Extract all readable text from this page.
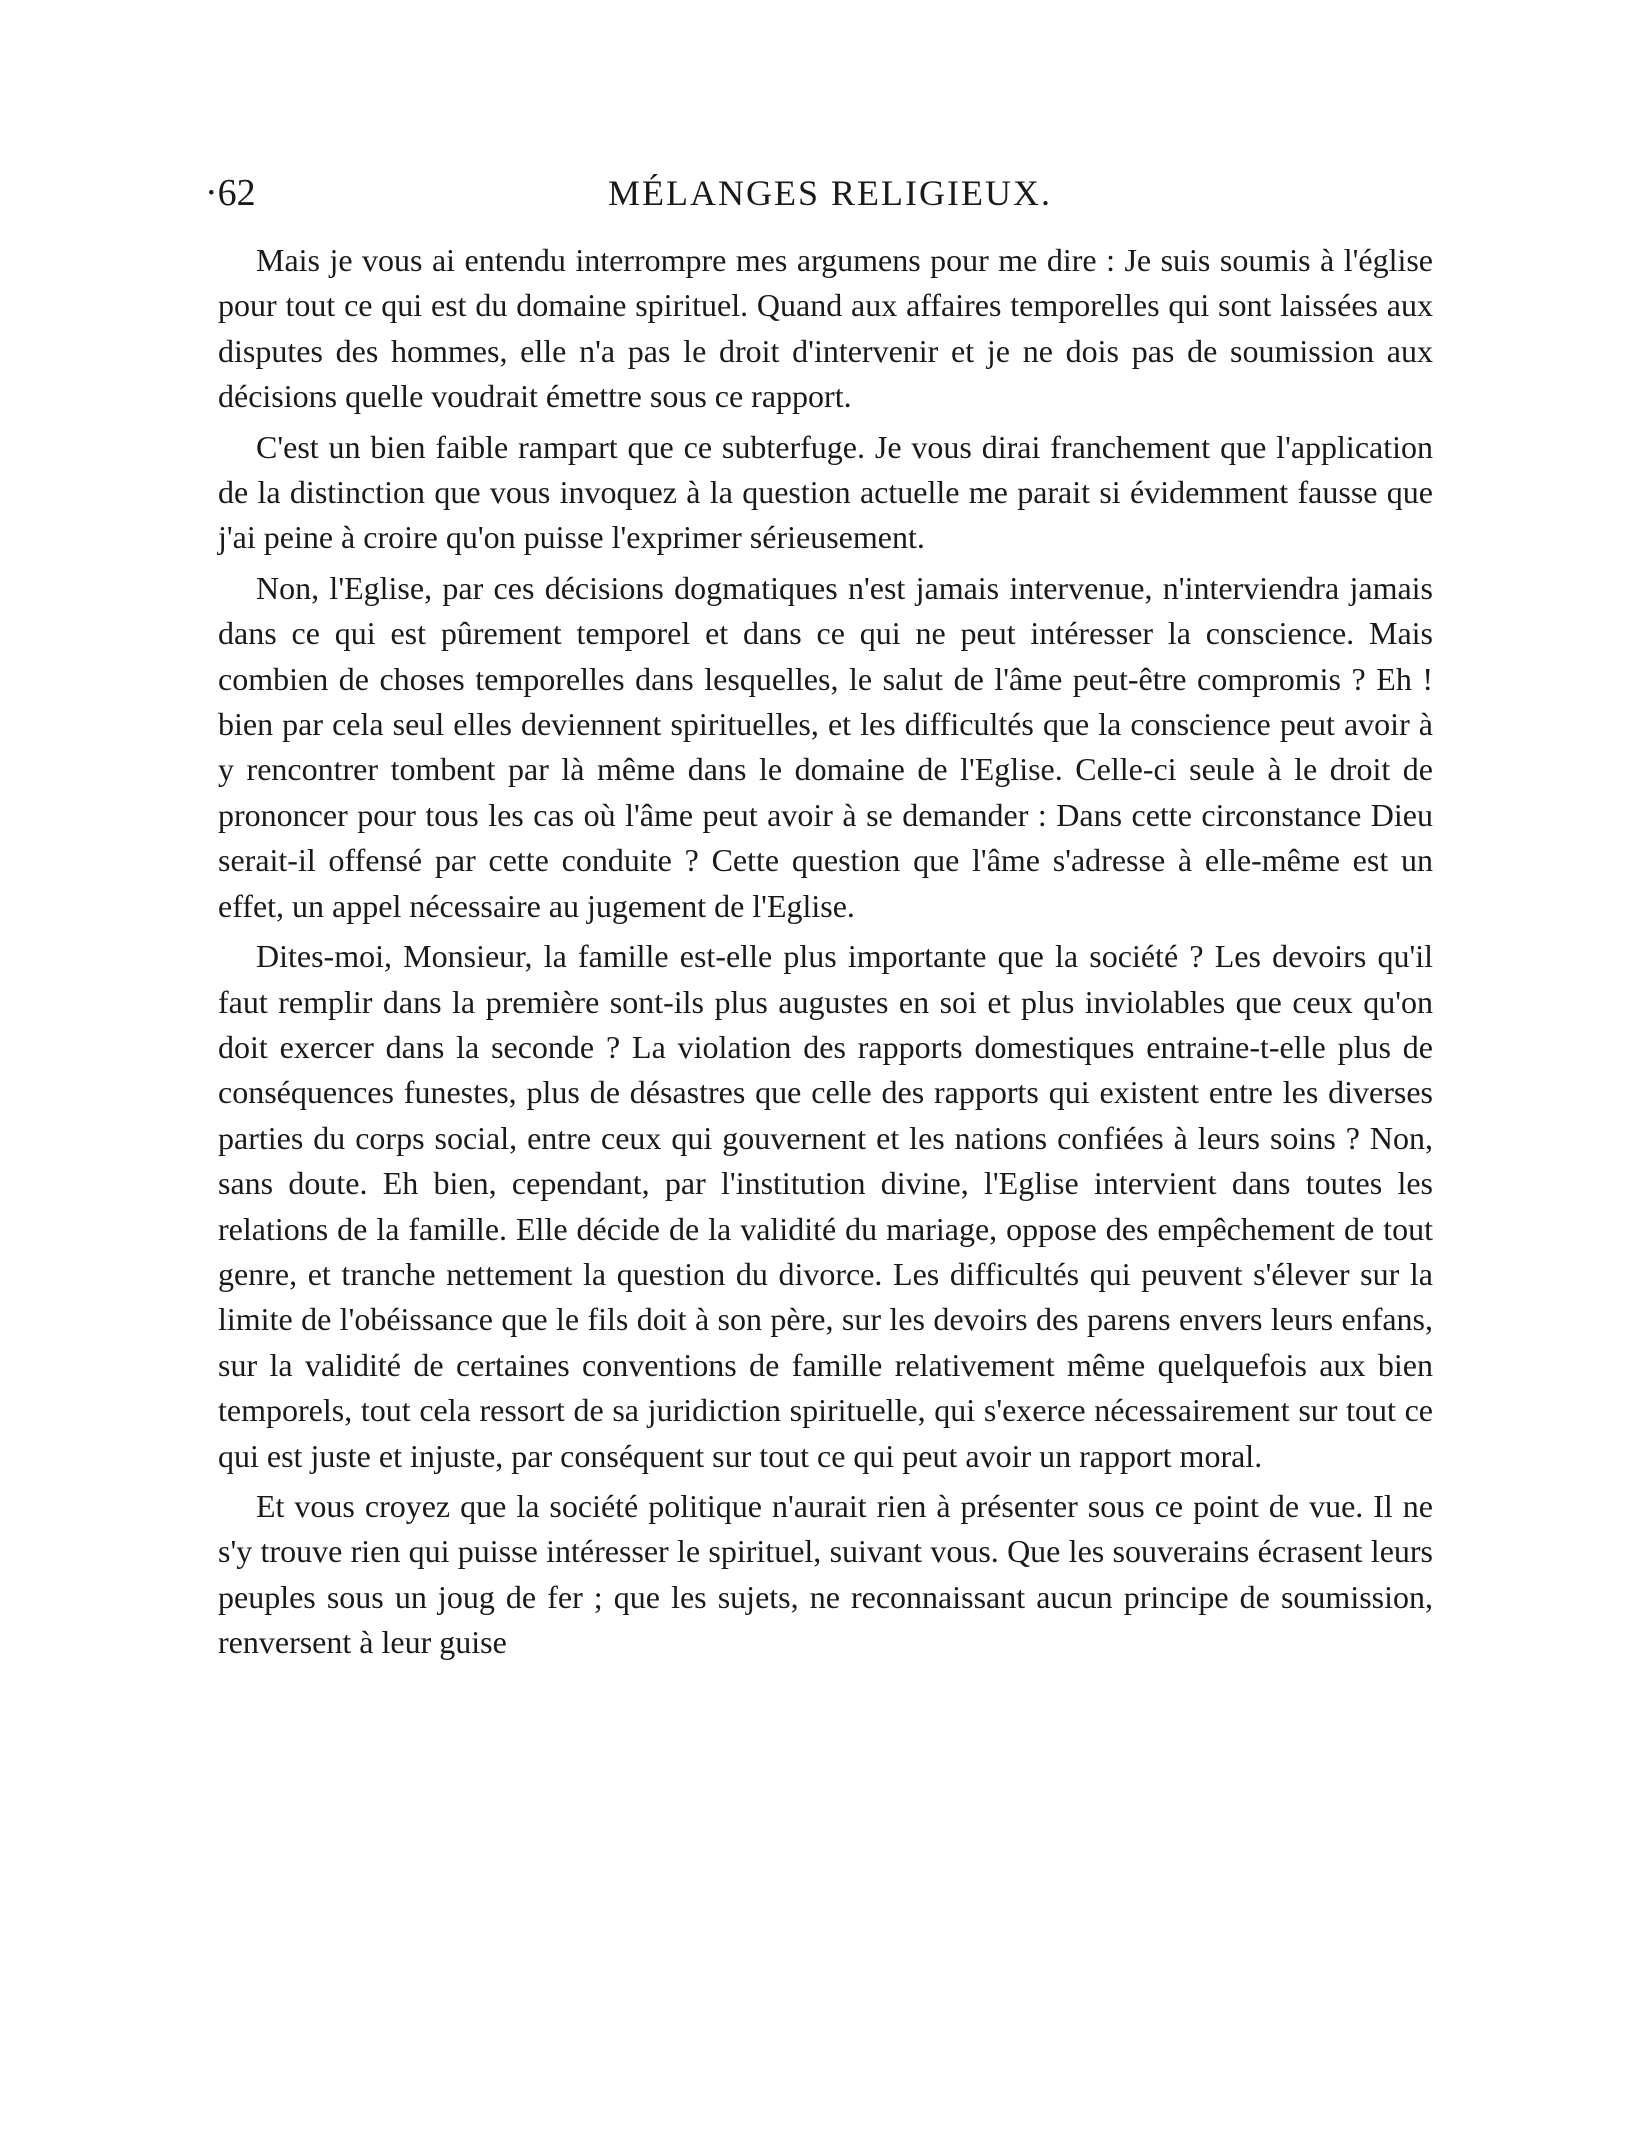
·62	MÉLANGES RELIGIEUX.

Mais je vous ai entendu interrompre mes argumens pour me dire : Je suis soumis à l'église pour tout ce qui est du domaine spirituel. Quand aux affaires temporelles qui sont laissées aux disputes des hommes, elle n'a pas le droit d'intervenir et je ne dois pas de soumission aux décisions quelle voudrait émettre sous ce rapport.

C'est un bien faible rampart que ce subterfuge. Je vous dirai franchement que l'application de la distinction que vous invoquez à la question actuelle me parait si évidemment fausse que j'ai peine à croire qu'on puisse l'exprimer sérieusement.

Non, l'Eglise, par ces décisions dogmatiques n'est jamais intervenue, n'interviendra jamais dans ce qui est pûrement temporel et dans ce qui ne peut intéresser la conscience. Mais combien de choses temporelles dans lesquelles, le salut de l'âme peut-être compromis ? Eh ! bien par cela seul elles deviennent spirituelles, et les difficultés que la conscience peut avoir à y rencontrer tombent par là même dans le domaine de l'Eglise. Celle-ci seule à le droit de prononcer pour tous les cas où l'âme peut avoir à se demander : Dans cette circonstance Dieu serait-il offensé par cette conduite ? Cette question que l'âme s'adresse à elle-même est un effet, un appel nécessaire au jugement de l'Eglise.

Dites-moi, Monsieur, la famille est-elle plus importante que la société ? Les devoirs qu'il faut remplir dans la première sont-ils plus augustes en soi et plus inviolables que ceux qu'on doit exercer dans la seconde ? La violation des rapports domestiques entraine-t-elle plus de conséquences funestes, plus de désastres que celle des rapports qui existent entre les diverses parties du corps social, entre ceux qui gouvernent et les nations confiées à leurs soins ? Non, sans doute. Eh bien, cependant, par l'institution divine, l'Eglise intervient dans toutes les relations de la famille. Elle décide de la validité du mariage, oppose des empêchement de tout genre, et tranche nettement la question du divorce. Les difficultés qui peuvent s'élever sur la limite de l'obéissance que le fils doit à son père, sur les devoirs des parens envers leurs enfans, sur la validité de certaines conventions de famille relativement même quelquefois aux bien temporels, tout cela ressort de sa juridiction spirituelle, qui s'exerce nécessairement sur tout ce qui est juste et injuste, par conséquent sur tout ce qui peut avoir un rapport moral.

Et vous croyez que la société politique n'aurait rien à présenter sous ce point de vue. Il ne s'y trouve rien qui puisse intéresser le spirituel, suivant vous. Que les souverains écrasent leurs peuples sous un joug de fer ; que les sujets, ne reconnaissant aucun principe de soumission, renversent à leur guise
